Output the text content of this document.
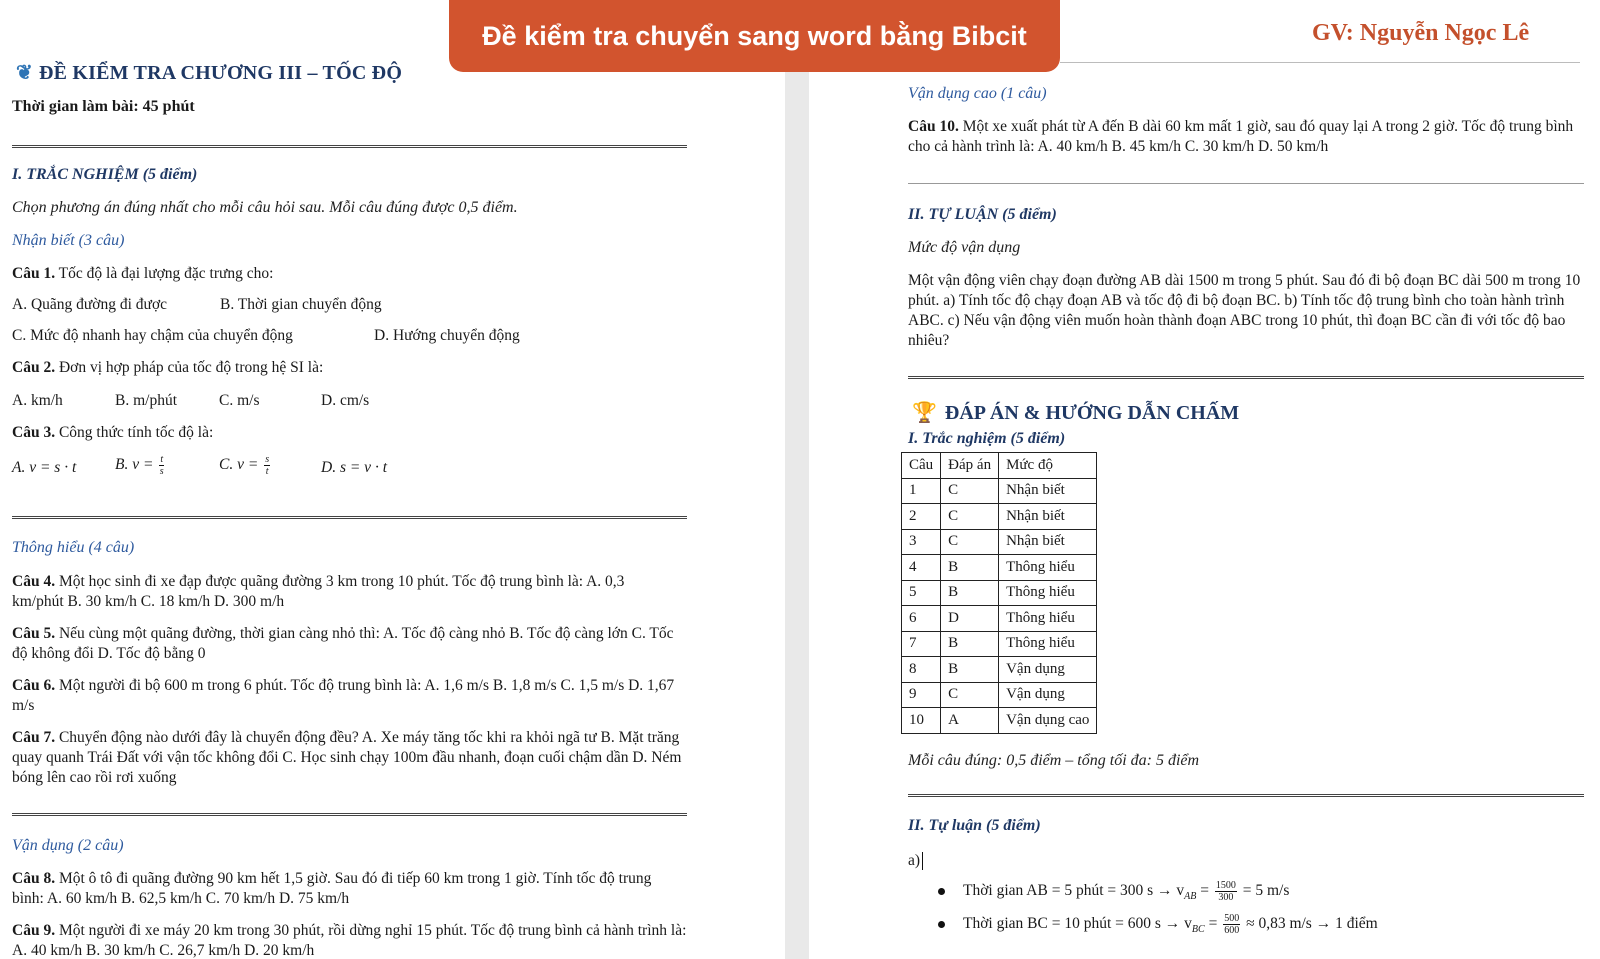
Đề kiểm tra chuyển sang word bằng Bibcit	GV: Nguyễn Ngọc Lê
❦ ĐỀ KIỂM TRA CHƯƠNG III – TỐC ĐỘ
Thời gian làm bài: 45 phút
I. TRẮC NGHIỆM (5 điểm)
Chọn phương án đúng nhất cho mỗi câu hỏi sau. Mỗi câu đúng được 0,5 điểm.
Nhận biết (3 câu)
Câu 1. Tốc độ là đại lượng đặc trưng cho:
A. Quãng đường đi được	B. Thời gian chuyển động
C. Mức độ nhanh hay chậm của chuyển động	D. Hướng chuyển động
Câu 2. Đơn vị hợp pháp của tốc độ trong hệ SI là:
A. km/h	B. m/phút	C. m/s	D. cm/s
Câu 3. Công thức tính tốc độ là:
A. v = s · t B. $v = \frac{t}{s}$	C. $v = \frac{s}{t}$	D. s = v · t
Thông hiểu (4 câu)
Câu 4. Một học sinh đi xe đạp được quãng đường 3 km trong 10 phút. Tốc độ trung bình là: A. 0,3 km/phút B. 30 km/h C. 18 km/h D. 300 m/h
Câu 5. Nếu cùng một quãng đường, thời gian càng nhỏ thì: A. Tốc độ càng nhỏ B. Tốc độ càng lớn C. Tốc độ không đổi D. Tốc độ bằng 0
Câu 6. Một người đi bộ 600 m trong 6 phút. Tốc độ trung bình là: A. 1,6 m/s B. 1,8 m/s C. 1,5 m/s D. 1,67 m/s
Câu 7. Chuyển động nào dưới đây là chuyển động đều? A. Xe máy tăng tốc khi ra khỏi ngã tư B. Mặt trăng quay quanh Trái Đất với vận tốc không đổi C. Học sinh chạy 100m đầu nhanh, đoạn cuối chậm dần D. Ném bóng lên cao rồi rơi xuống
Vận dụng (2 câu)
Câu 8. Một ô tô đi quãng đường 90 km hết 1,5 giờ. Sau đó đi tiếp 60 km trong 1 giờ. Tính tốc độ trung bình: A. 60 km/h B. 62,5 km/h C. 70 km/h D. 75 km/h
Câu 9. Một người đi xe máy 20 km trong 30 phút, rồi dừng nghỉ 15 phút. Tốc độ trung bình cả hành trình là: A. 40 km/h B. 30 km/h C. 26,7 km/h D. 20 km/h
Vận dụng cao (1 câu)
Câu 10. Một xe xuất phát từ A đến B dài 60 km mất 1 giờ, sau đó quay lại A trong 2 giờ. Tốc độ trung bình cho cả hành trình là: A. 40 km/h B. 45 km/h C. 30 km/h D. 50 km/h
II. TỰ LUẬN (5 điểm)
Mức độ vận dụng
Một vận động viên chạy đoạn đường AB dài 1500 m trong 5 phút. Sau đó đi bộ đoạn BC dài 500 m trong 10 phút. a) Tính tốc độ chạy đoạn AB và tốc độ đi bộ đoạn BC. b) Tính tốc độ trung bình cho toàn hành trình ABC. c) Nếu vận động viên muốn hoàn thành đoạn ABC trong 10 phút, thì đoạn BC cần đi với tốc độ bao nhiêu?
🏆 ĐÁP ÁN & HƯỚNG DẪN CHẤM
I. Trắc nghiệm (5 điểm)
Câu	Đáp án	Mức độ
1	C	Nhận biết
2	C	Nhận biết
3	C	Nhận biết
4	B	Thông hiểu
5	B	Thông hiểu
6	D	Thông hiểu
7	B	Thông hiểu
8	B	Vận dụng
9	C	Vận dụng
10	A	Vận dụng cao
Mỗi câu đúng: 0,5 điểm – tổng tối đa: 5 điểm
II. Tự luận (5 điểm)
a)
Thời gian AB = 5 phút = 300 $s \to v_{AB} = \frac{1500}{300} = 5$ m/s
Thời gian BC = 10 phút = 600 $s \to v_{BC} = \frac{500}{600} \approx 0,83$ m/s → 1 điểm
